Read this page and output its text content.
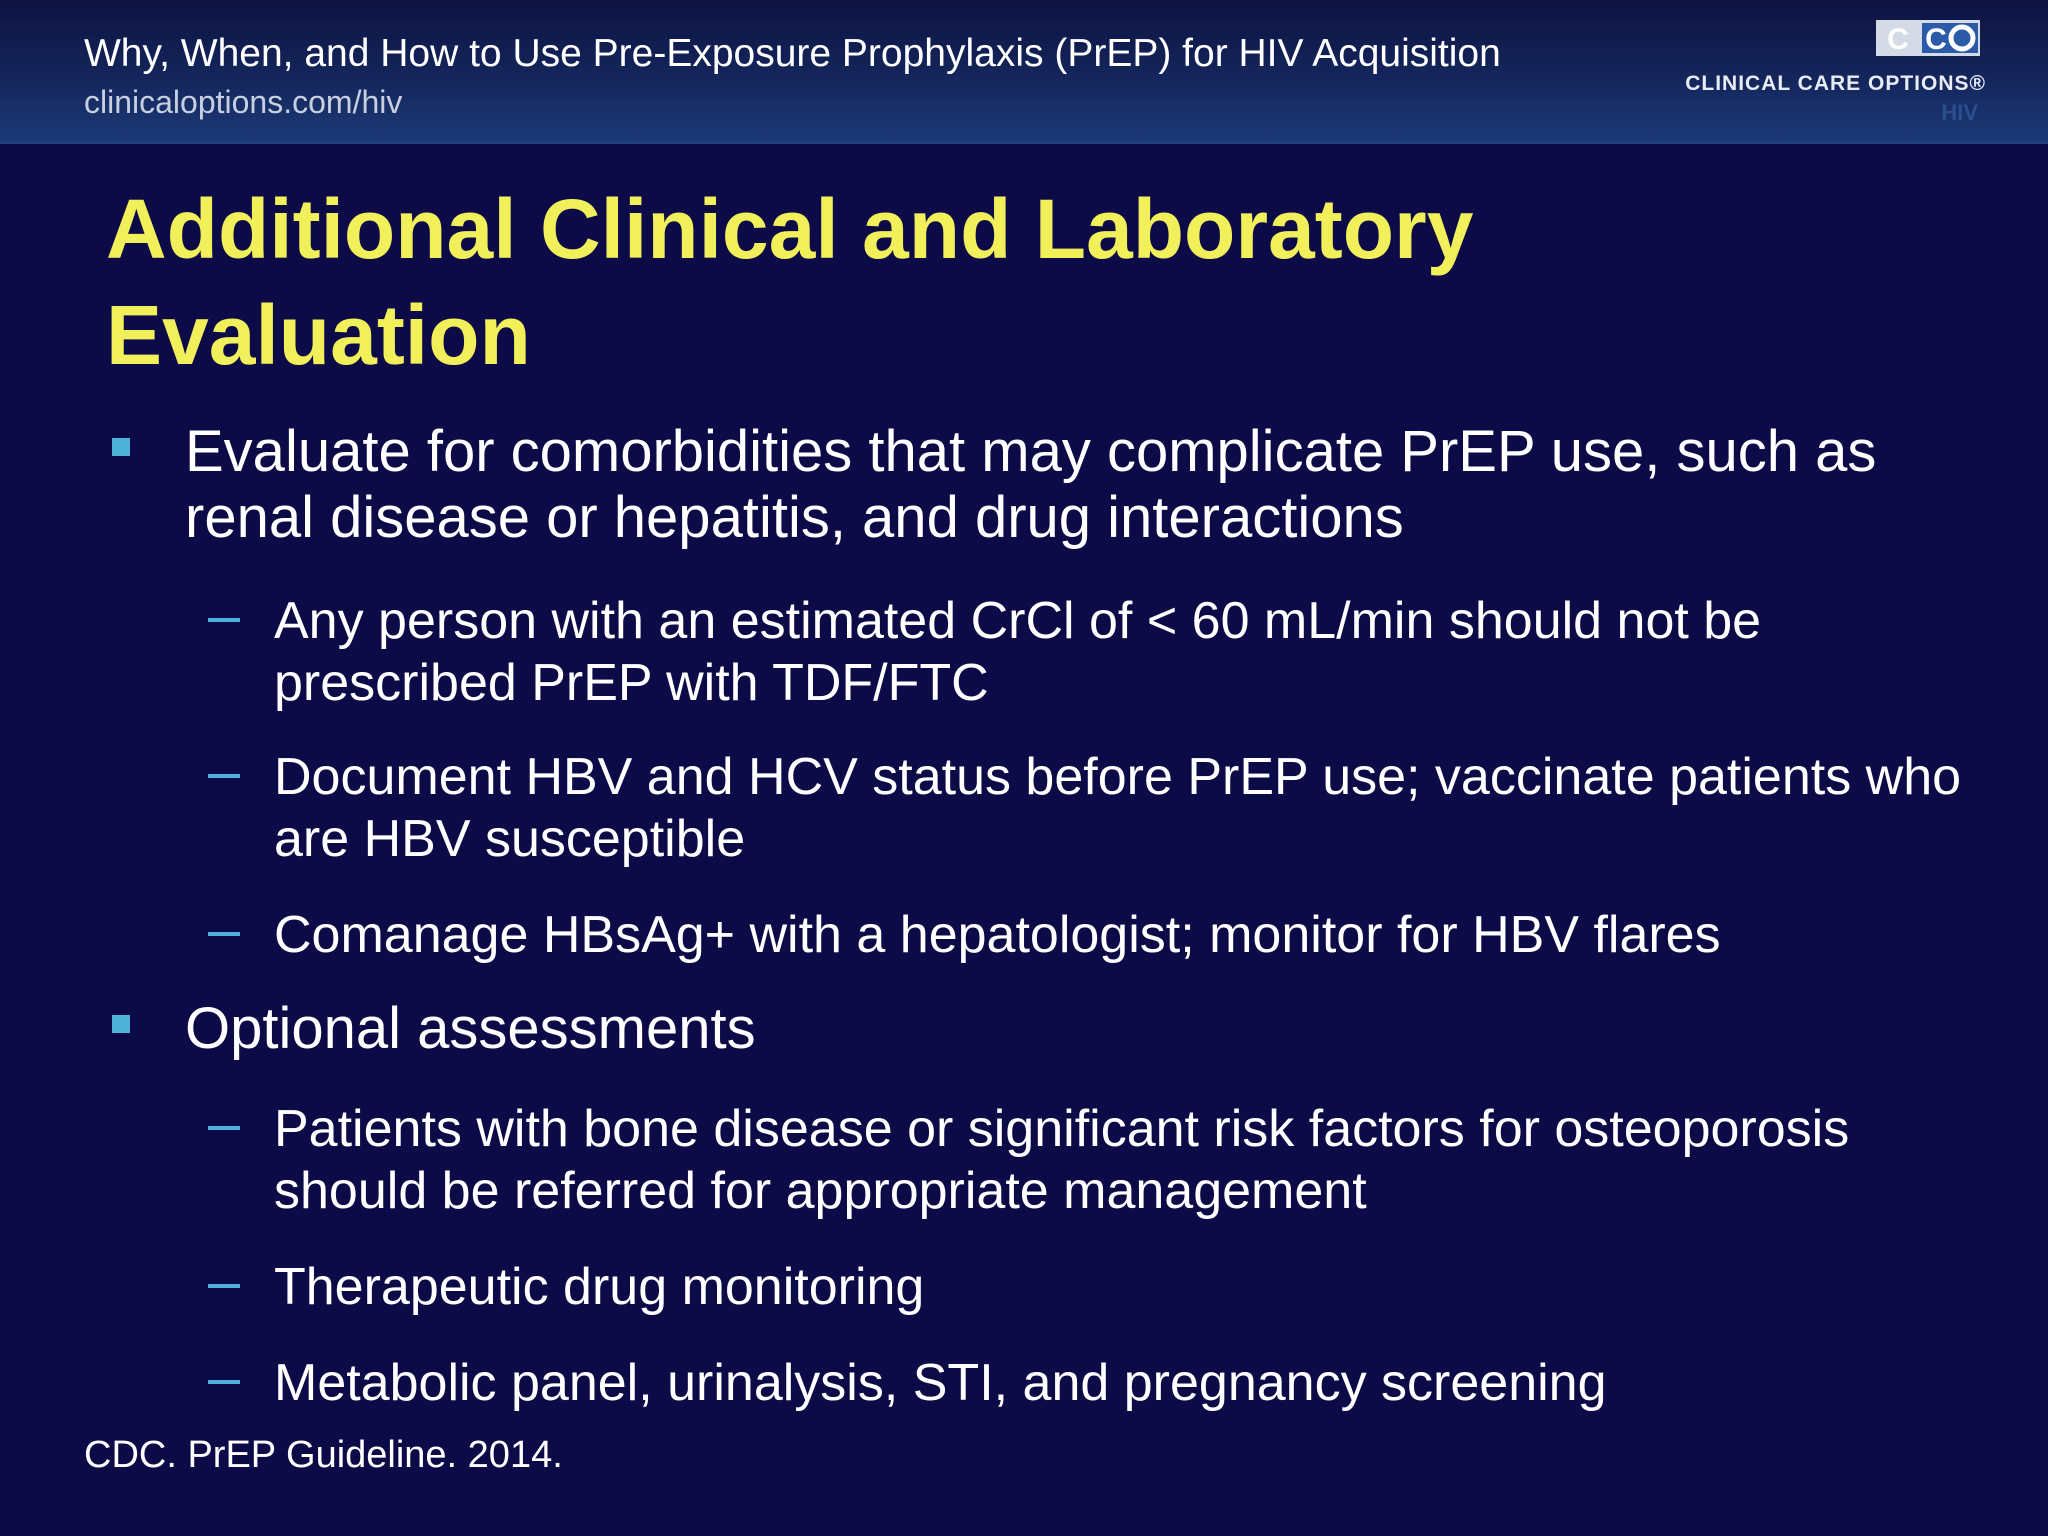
Why, When, and How to Use Pre-Exposure Prophylaxis (PrEP) for HIV Acquisition
clinicaloptions.com/hiv
C C
CLINICAL CARE OPTIONS®
HIV
Additional Clinical and Laboratory
Evaluation
Evaluate for comorbidities that may complicate PrEP use, such as renal disease or hepatitis, and drug interactions
Any person with an estimated CrCl of < 60 mL/min should not be prescribed PrEP with TDF/FTC
Document HBV and HCV status before PrEP use; vaccinate patients who are HBV susceptible
Comanage HBsAg+ with a hepatologist; monitor for HBV flares
Optional assessments
Patients with bone disease or significant risk factors for osteoporosis should be referred for appropriate management
Therapeutic drug monitoring
Metabolic panel, urinalysis, STI, and pregnancy screening
CDC. PrEP Guideline. 2014.
